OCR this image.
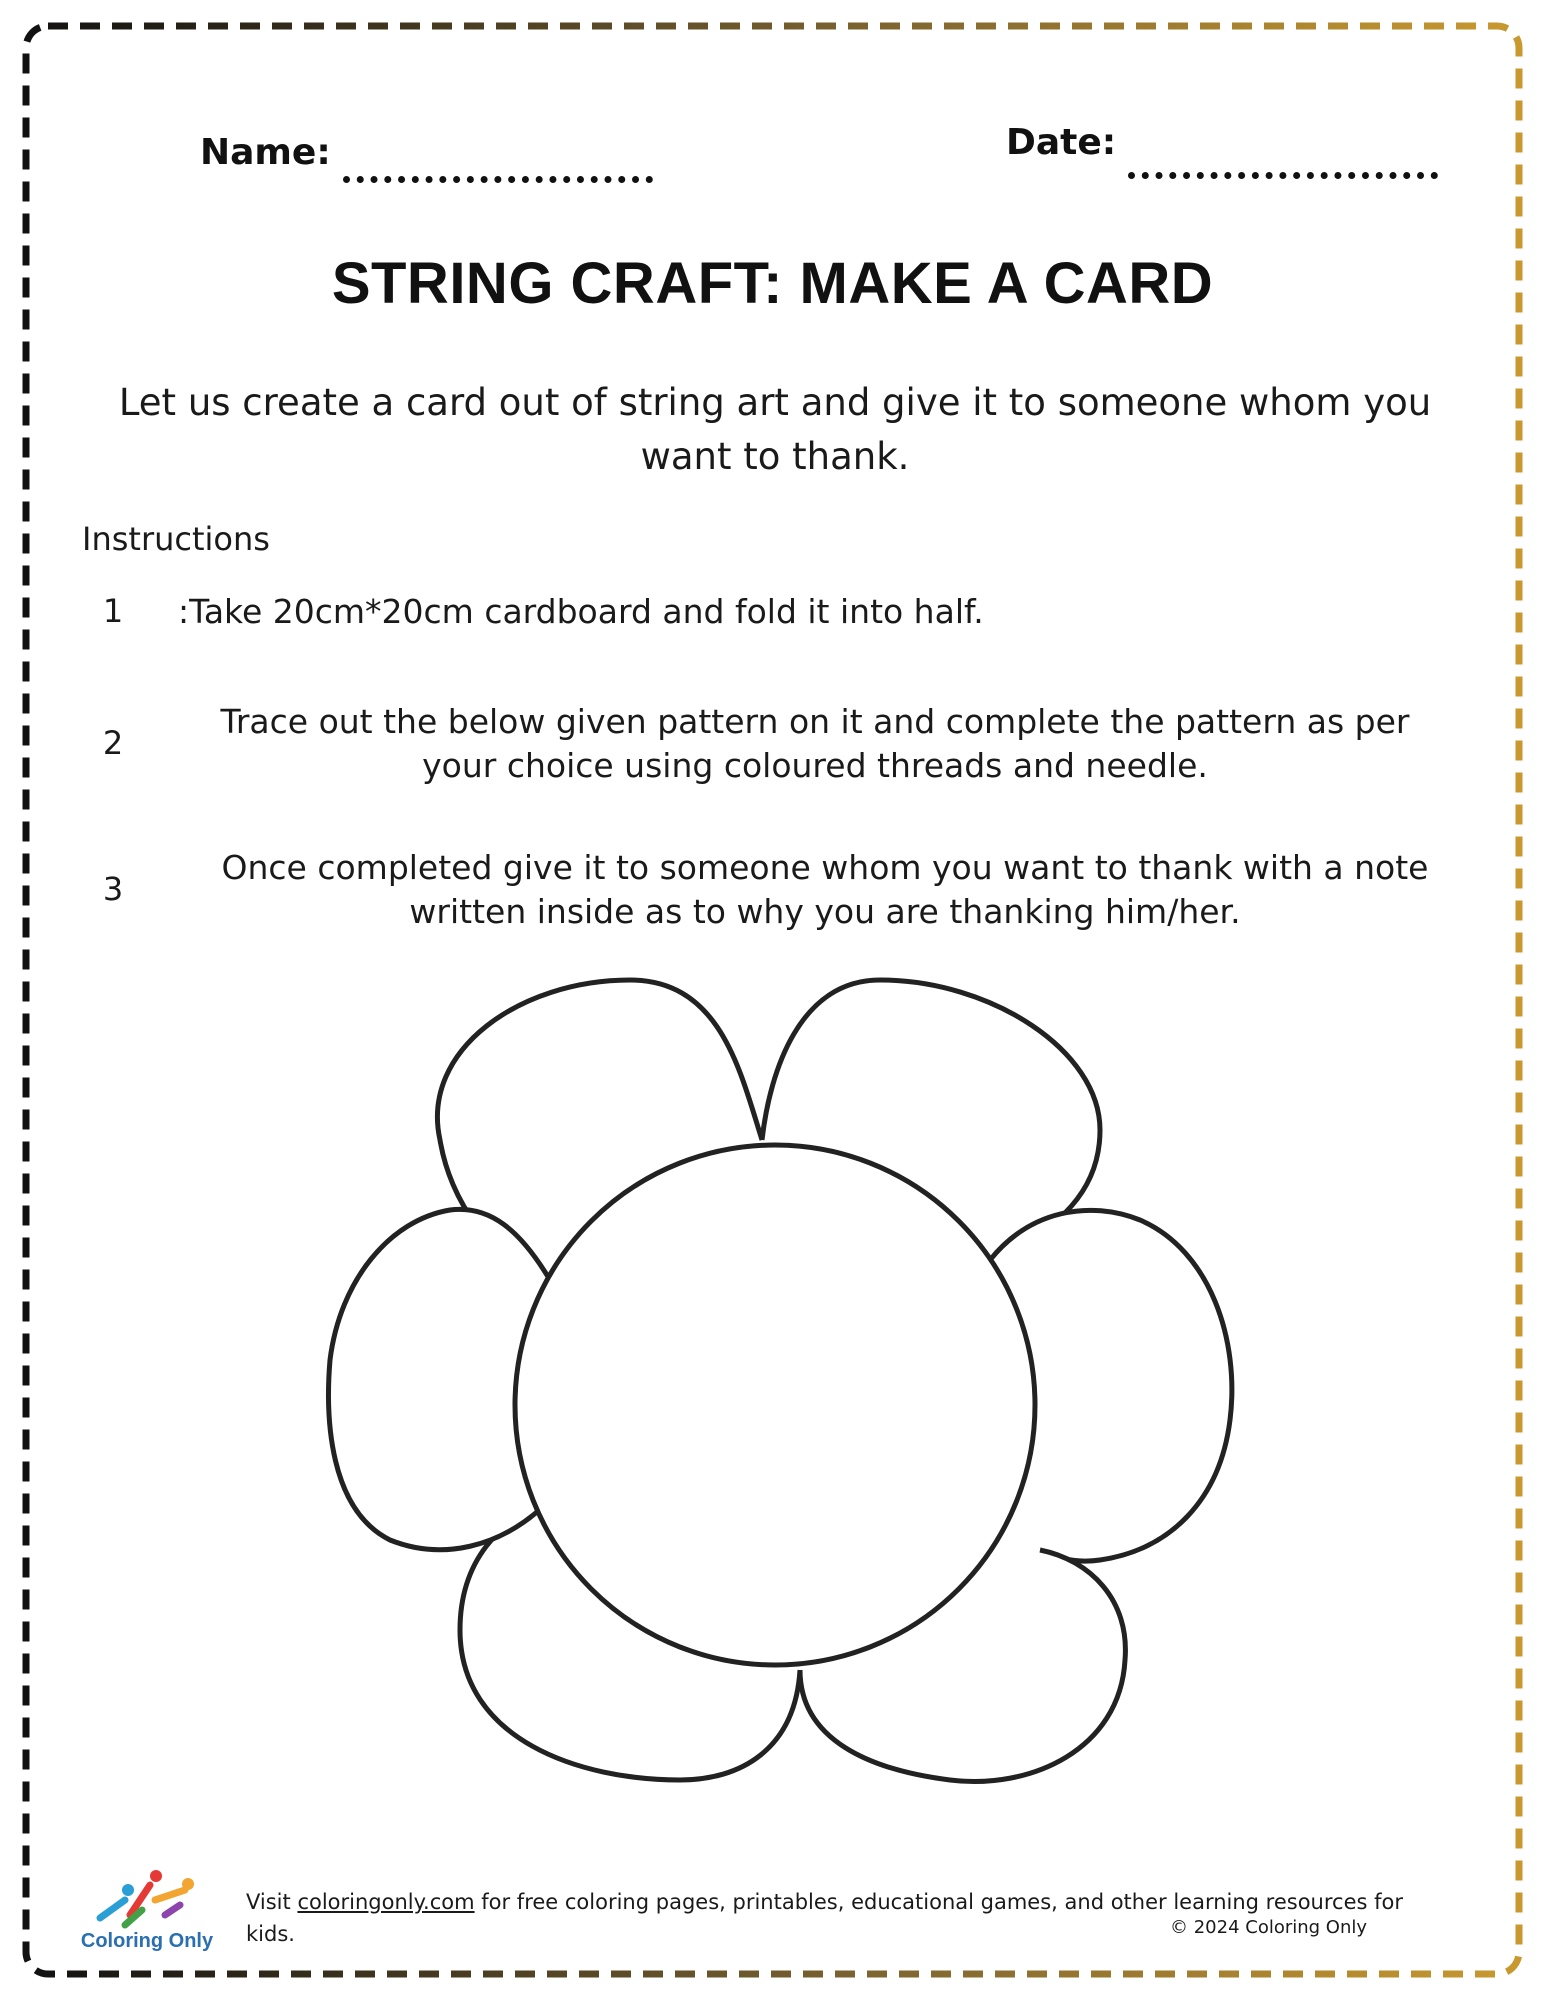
Name:	Date:
STRING CRAFT: MAKE A CARD
Let us create a card out of string art and give it to someone whom you want to thank.
Instructions
1 :Take 20cm*20cm cardboard and fold it into half.
2
Trace out the below given pattern on it and complete the pattern as per your choice using coloured threads and needle.
3
Once completed give it to someone whom you want to thank with a note written inside as to why you are thanking him/her.
Coloring Only
Visit coloringonly.com for free coloring pages, printables, educational games, and other learning resources for kids.	© 2024 Coloring Only
